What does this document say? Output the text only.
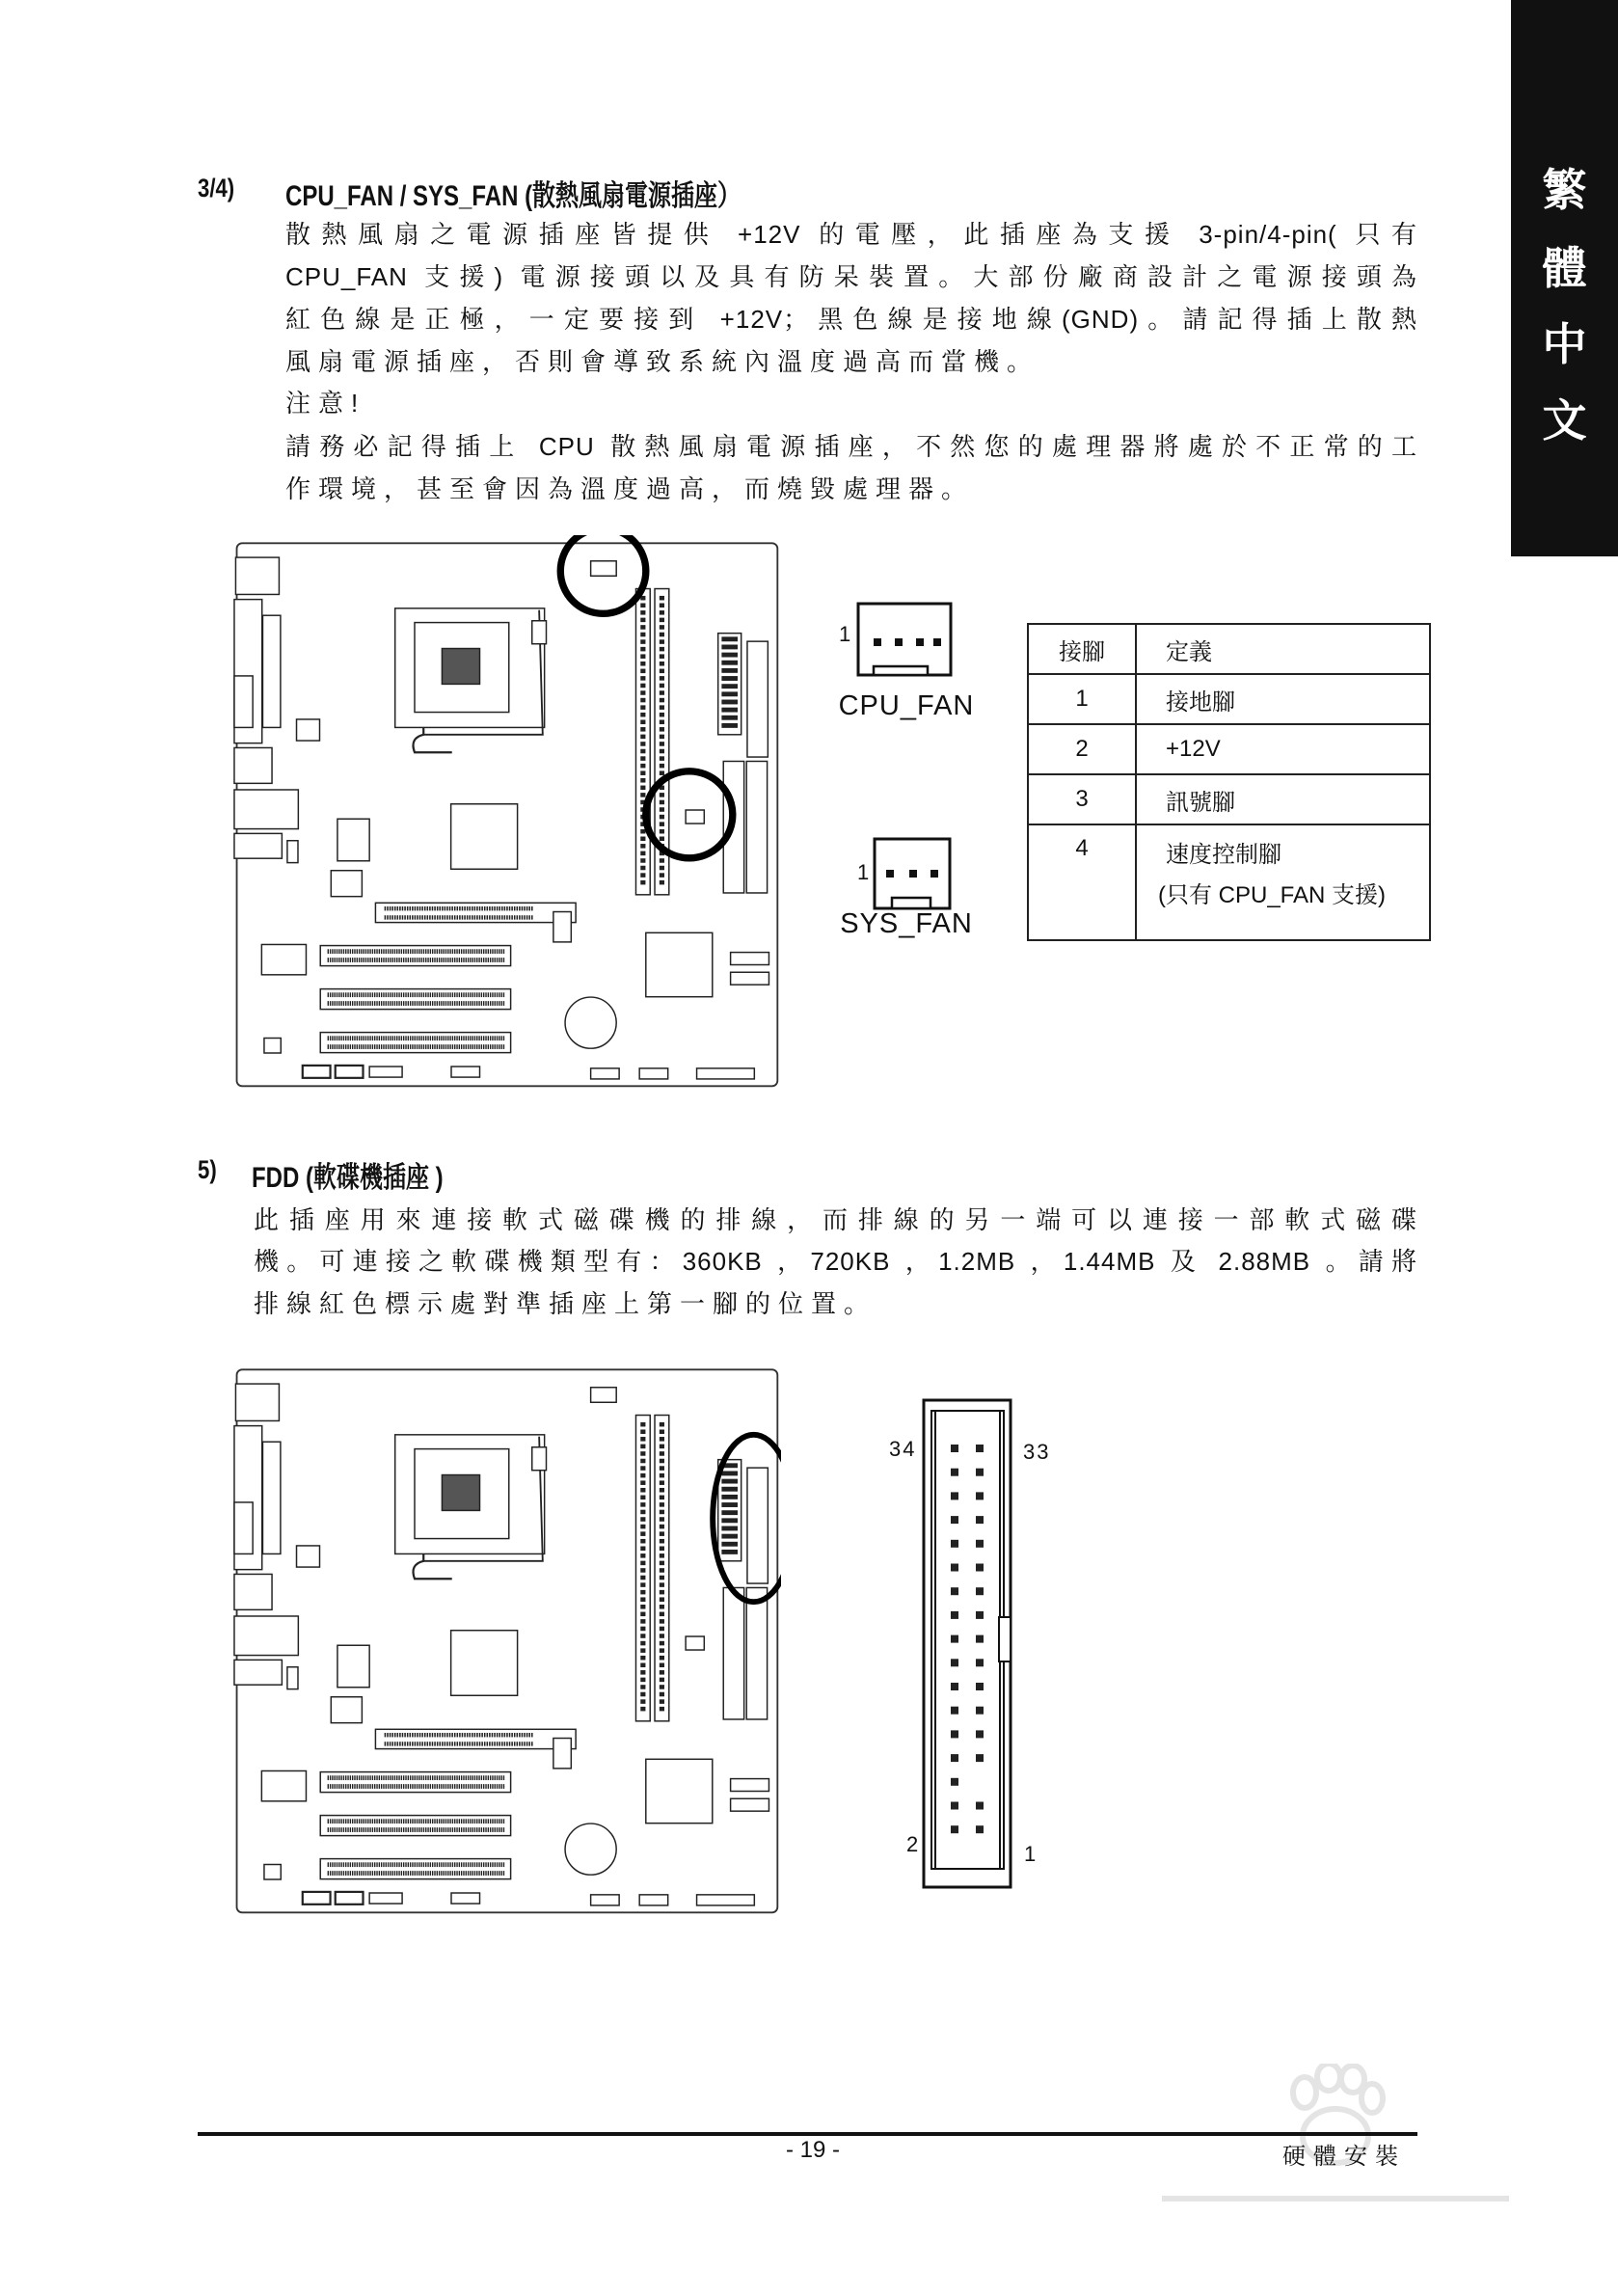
繁
體
中
文
3/4) CPU_FAN / SYS_FAN (散熱風扇電源插座）
散熱風扇之電源插座皆提供 +12V 的電壓，此插座為支援 3-pin/4-pin( 只有
CPU_FAN 支援) 電源接頭以及具有防呆裝置。大部份廠商設計之電源接頭為
紅色線是正極，一定要接到 +12V；黑色線是接地線(GND)。請記得插上散熱
風扇電源插座，否則會導致系統內溫度過高而當機。
注意!
請務必記得插上 CPU 散熱風扇電源插座，不然您的處理器將處於不正常的工
作環境，甚至會因為溫度過高，而燒毀處理器。
1
CPU_FAN
1
SYS_FAN
接腳	定義
1	接地腳
2	+12V
3	訊號腳
4	速度控制腳
(只有 CPU_FAN 支援)
5) FDD (軟碟機插座 )
此插座用來連接軟式磁碟機的排線，而排線的另一端可以連接一部軟式磁碟
機。可連接之軟碟機類型有：360KB ，720KB ，1.2MB ，1.44MB 及 2.88MB 。請將
排線紅色標示處對準插座上第一腳的位置。
34	33
2	1
- 19 -	硬體安裝
